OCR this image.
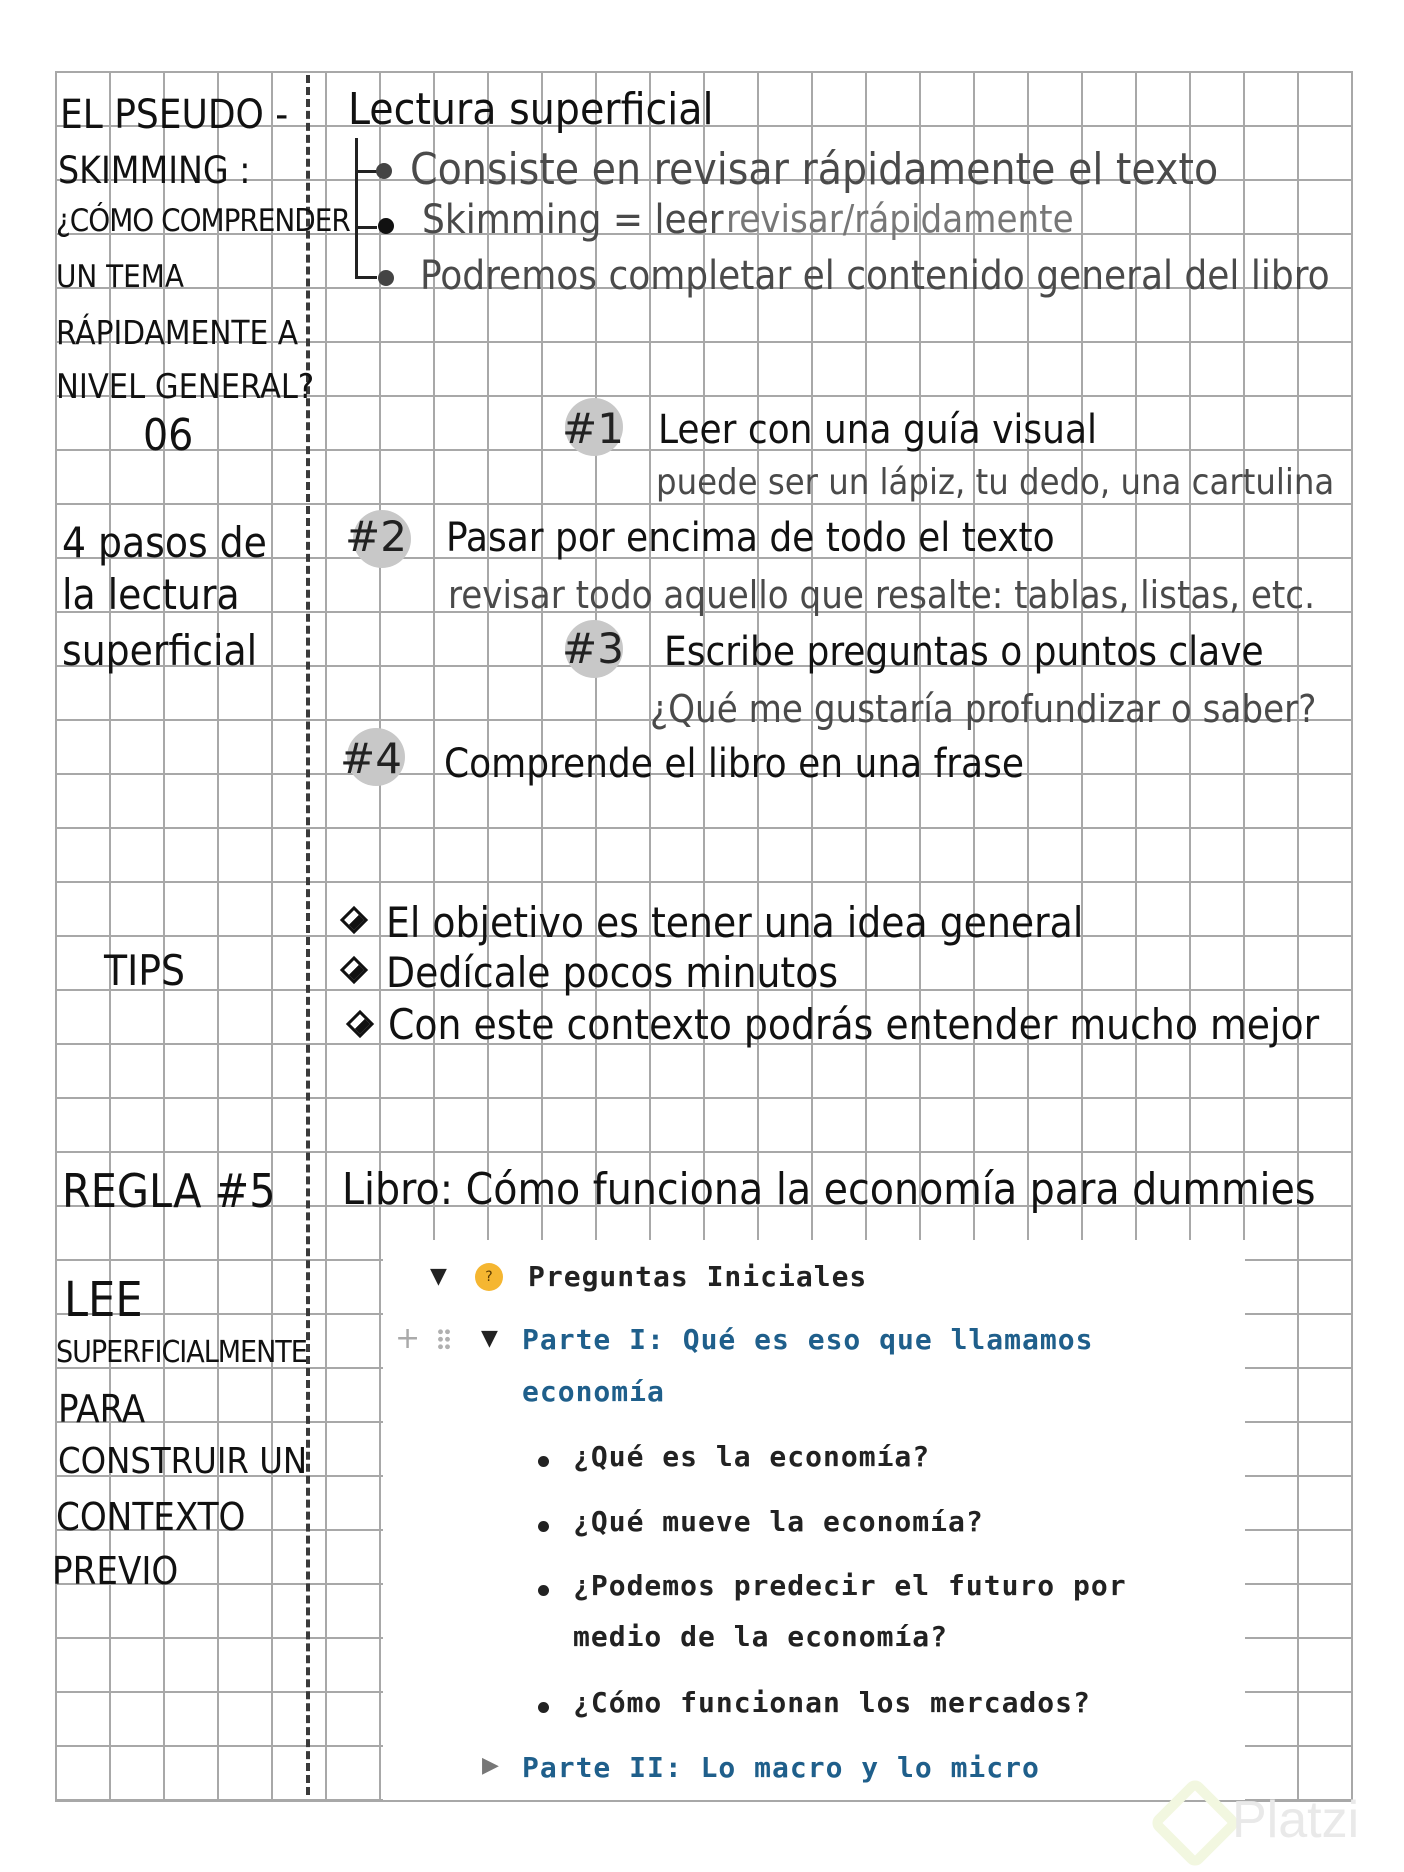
EL PSEUDO -
SKIMMING :
¿CÓMO COMPRENDER
UN TEMA
RÁPIDAMENTE A
NIVEL GENERAL?
06
4 pasos de
la lectura
superficial
TIPS
REGLA #5
LEE
SUPERFICIALMENTE
PARA
CONSTRUIR UN
CONTEXTO
PREVIO
Lectura superficial
Consiste en revisar rápidamente el texto
Skimming = leer revisar/rápidamente
Podremos completar el contenido general del libro
#1 Leer con una guía visual
puede ser un lápiz, tu dedo, una cartulina
#2 Pasar por encima de todo el texto
revisar todo aquello que resalte: tablas, listas, etc.
#3 Escribe preguntas o puntos clave
¿Qué me gustaría profundizar o saber?
#4 Comprende el libro en una frase
El objetivo es tener una idea general
Dedícale pocos minutos
Con este contexto podrás entender mucho mejor
Libro: Cómo funciona la economía para dummies
▼	?	Preguntas Iniciales
+	▼ Parte I: Qué es eso que llamamos
economía
¿Qué es la economía?
¿Qué mueve la economía?
¿Podemos predecir el futuro por
medio de la economía?
¿Cómo funcionan los mercados?
▶ Parte II: Lo macro y lo micro
Platzi
